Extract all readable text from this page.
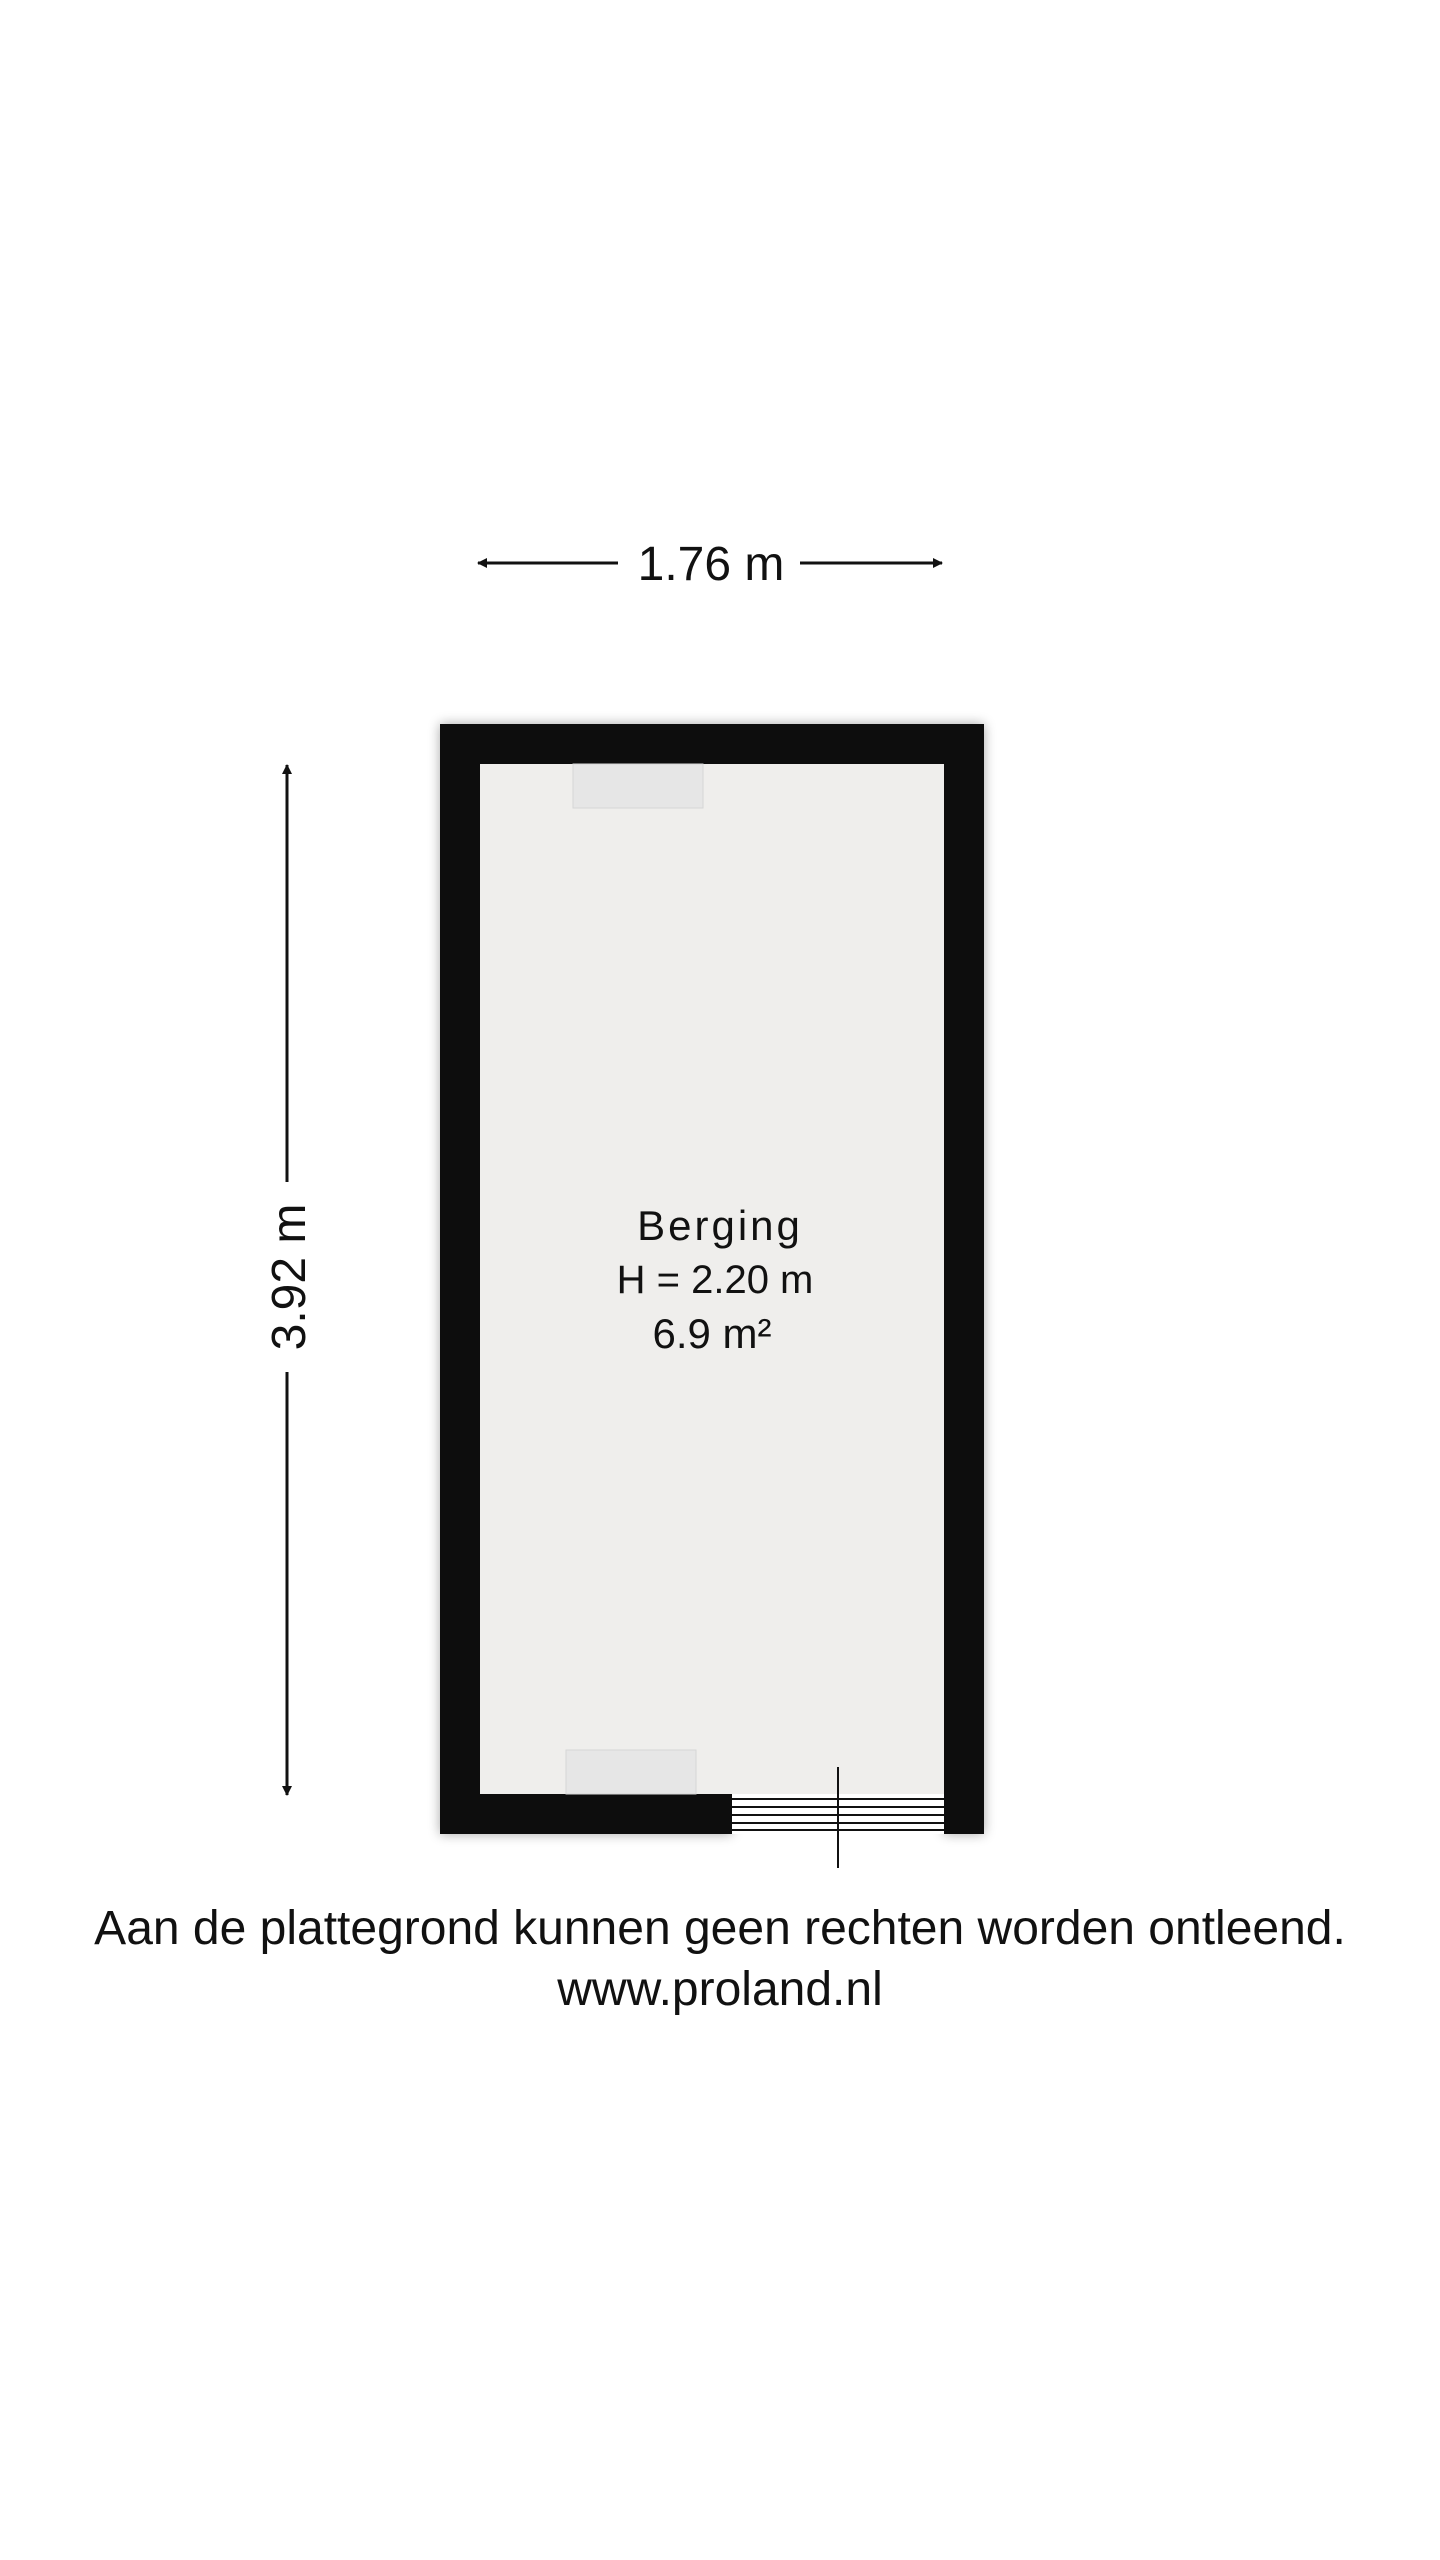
1.76 m
3.92 m	Berging
H = 2.20 m
6.9 m²
Aan de plattegrond kunnen geen rechten worden ontleend.
www.proland.nl
